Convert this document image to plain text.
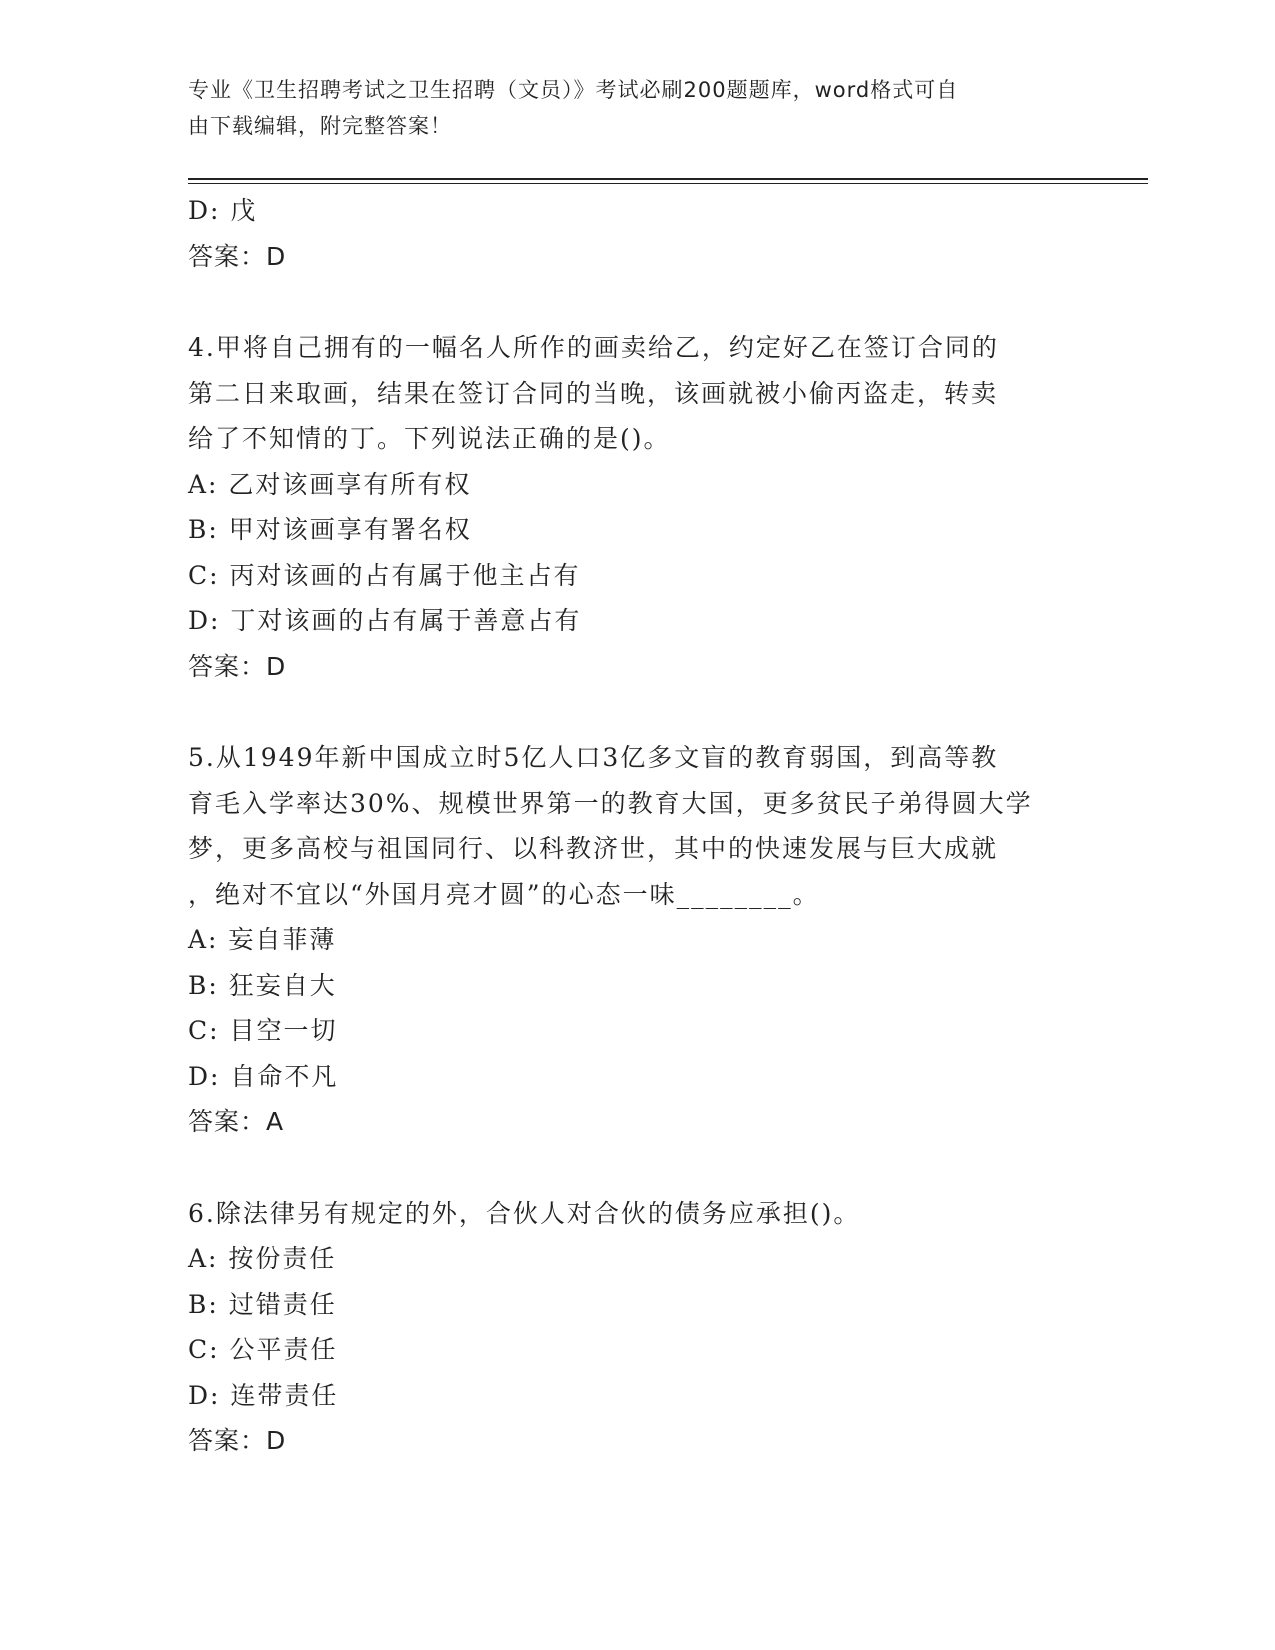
专业《卫生招聘考试之卫生招聘（文员）》考试必刷200题题库，word格式可自
由下载编辑，附完整答案！
D: 戊
答案：D
4.甲将自己拥有的一幅名人所作的画卖给乙，约定好乙在签订合同的
第二日来取画，结果在签订合同的当晚，该画就被小偷丙盗走，转卖
给了不知情的丁。下列说法正确的是()。
A: 乙对该画享有所有权
B: 甲对该画享有署名权
C: 丙对该画的占有属于他主占有
D: 丁对该画的占有属于善意占有
答案：D
5.从1949年新中国成立时5亿人口3亿多文盲的教育弱国，到高等教
育毛入学率达30%、规模世界第一的教育大国，更多贫民子弟得圆大学
梦，更多高校与祖国同行、以科教济世，其中的快速发展与巨大成就
，绝对不宜以“外国月亮才圆”的心态一味________。
A: 妄自菲薄
B: 狂妄自大
C: 目空一切
D: 自命不凡
答案：A
6.除法律另有规定的外，合伙人对合伙的债务应承担()。
A: 按份责任
B: 过错责任
C: 公平责任
D: 连带责任
答案：D
